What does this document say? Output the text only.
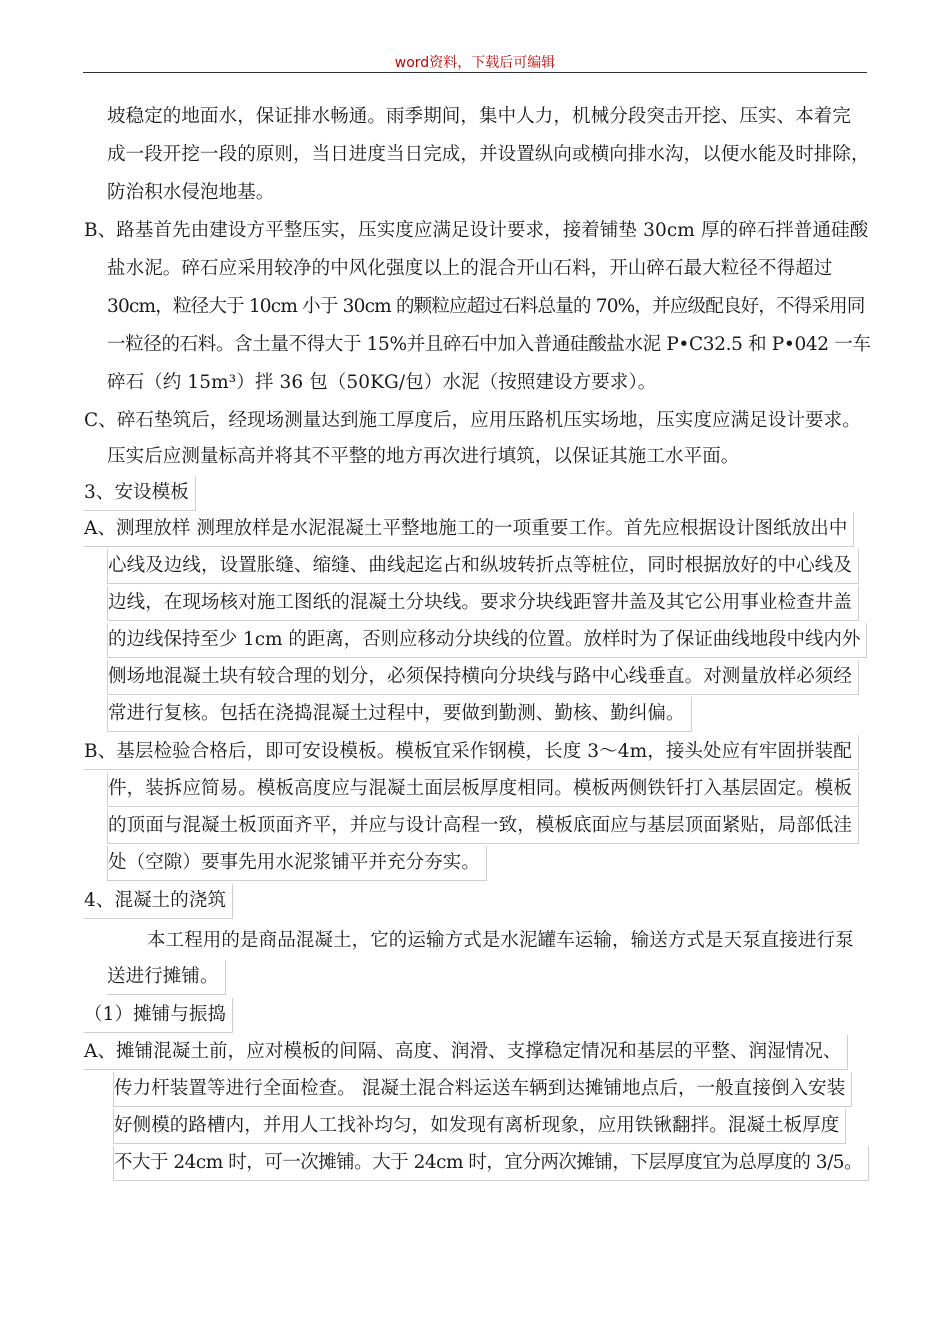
word资料，下载后可编辑
坡稳定的地面水，保证排水畅通。雨季期间，集中人力，机械分段突击开挖、压实、本着完
成一段开挖一段的原则，当日进度当日完成，并设置纵向或横向排水沟，以便水能及时排除，
防治积水侵泡地基。
B、路基首先由建设方平整压实，压实度应满足设计要求，接着铺垫 30cm 厚的碎石拌普通硅酸
盐水泥。碎石应采用较净的中风化强度以上的混合开山石料，开山碎石最大粒径不得超过
30cm，粒径大于 10cm 小于 30cm 的颗粒应超过石料总量的 70%，并应级配良好，不得采用同
一粒径的石料。含土量不得大于 15%并且碎石中加入普通硅酸盐水泥 P•C32.5 和 P•042 一车
碎石（约 15m³）拌 36 包（50KG/包）水泥（按照建设方要求）。
C、碎石垫筑后，经现场测量达到施工厚度后，应用压路机压实场地，压实度应满足设计要求。
压实后应测量标高并将其不平整的地方再次进行填筑，以保证其施工水平面。
3、安设模板
A、测理放样 测理放样是水泥混凝土平整地施工的一项重要工作。首先应根据设计图纸放出中
心线及边线，设置胀缝、缩缝、曲线起迄占和纵坡转折点等桩位，同时根据放好的中心线及
边线，在现场核对施工图纸的混凝土分块线。要求分块线距窨井盖及其它公用事业检查井盖
的边线保持至少 1cm 的距离，否则应移动分块线的位置。放样时为了保证曲线地段中线内外
侧场地混凝土块有较合理的划分，必须保持横向分块线与路中心线垂直。对测量放样必须经
常进行复核。包括在浇捣混凝土过程中，要做到勤测、勤核、勤纠偏。
B、基层检验合格后，即可安设模板。模板宜采作钢模，长度 3～4m，接头处应有牢固拼装配
件，装拆应简易。模板高度应与混凝土面层板厚度相同。模板两侧铁钎打入基层固定。模板
的顶面与混凝土板顶面齐平，并应与设计高程一致，模板底面应与基层顶面紧贴，局部低洼
处（空隙）要事先用水泥浆铺平并充分夯实。
4、混凝土的浇筑
本工程用的是商品混凝土，它的运输方式是水泥罐车运输，输送方式是天泵直接进行泵
送进行摊铺。
（1）摊铺与振捣
A、摊铺混凝土前，应对模板的间隔、高度、润滑、支撑稳定情况和基层的平整、润湿情况、
传力杆装置等进行全面检查。 混凝土混合料运送车辆到达摊铺地点后，一般直接倒入安装
好侧模的路槽内，并用人工找补均匀，如发现有离析现象，应用铁锹翻拌。混凝土板厚度
不大于 24cm 时，可一次摊铺。大于 24cm 时，宜分两次摊铺，下层厚度宜为总厚度的 3/5。
